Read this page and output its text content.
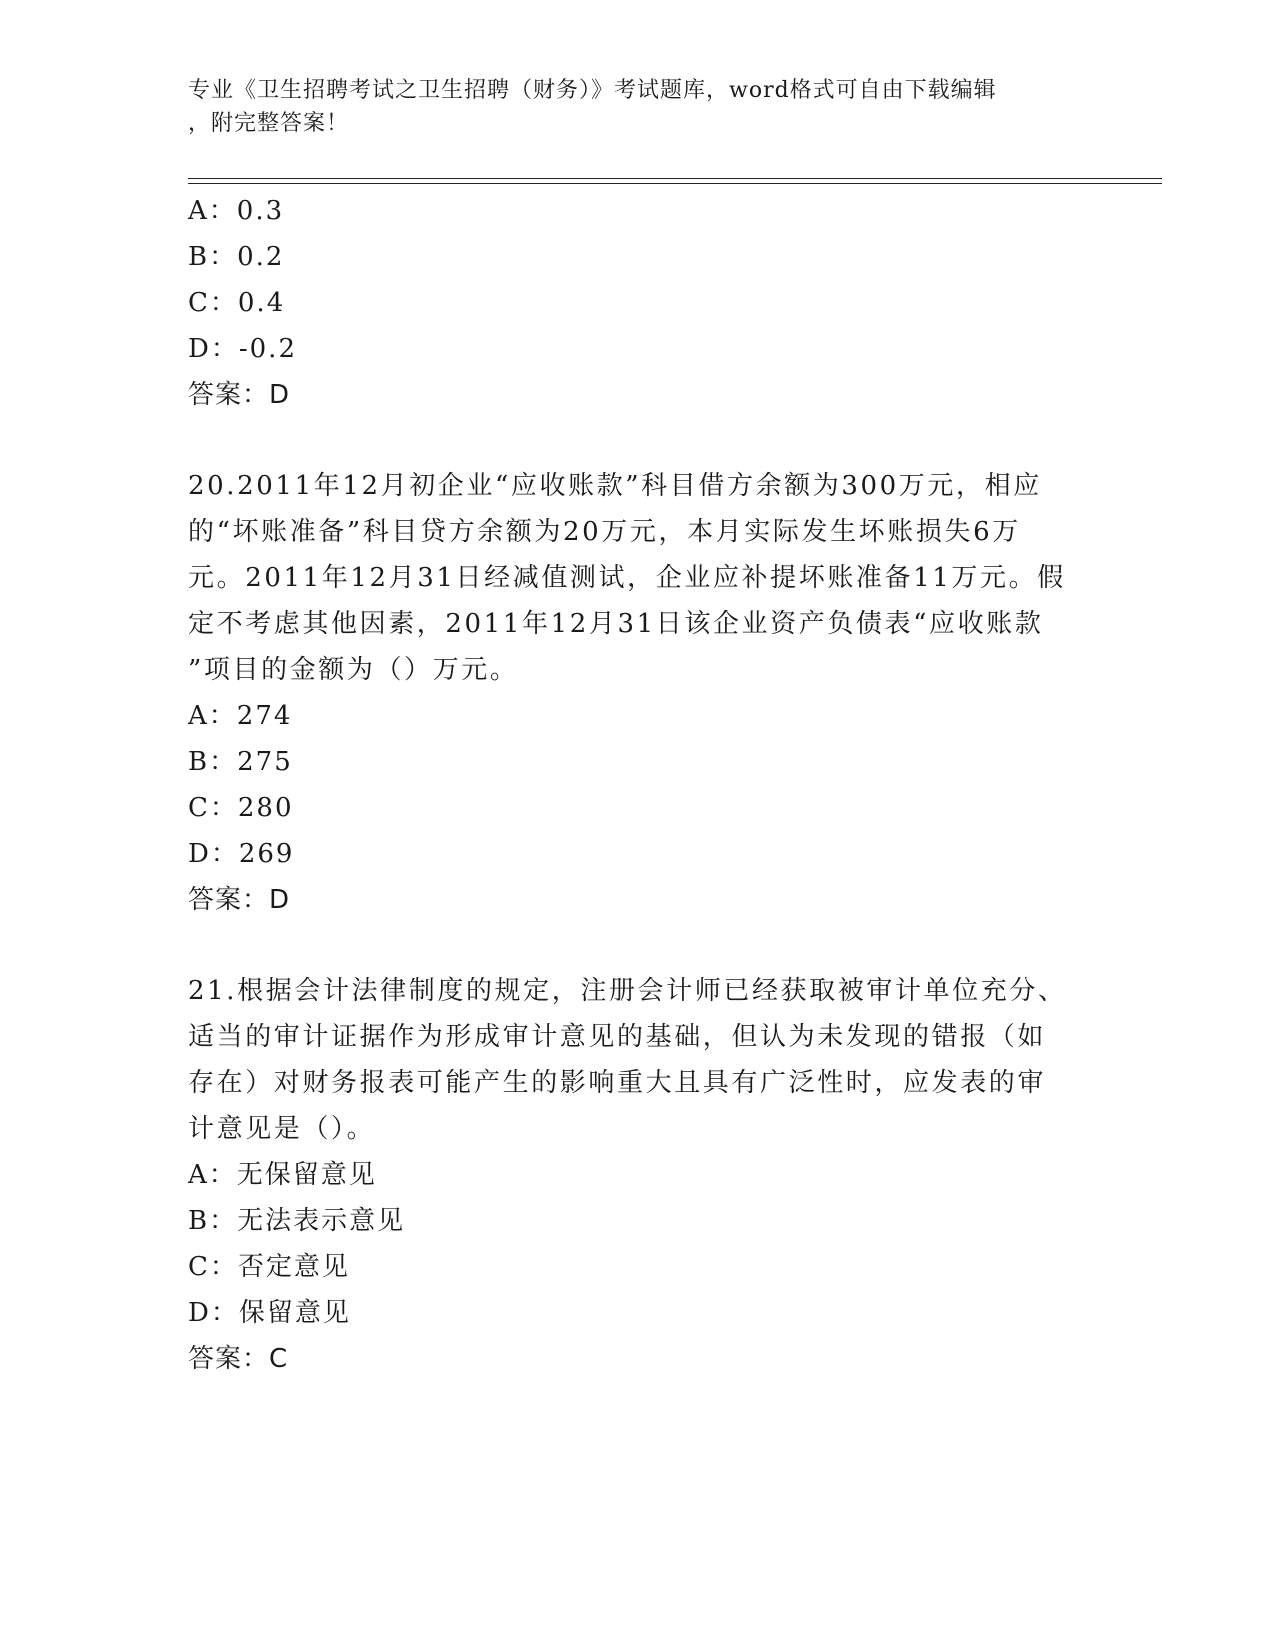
专业《卫生招聘考试之卫生招聘（财务）》考试题库，word格式可自由下载编辑
，附完整答案！
A：0.3
B：0.2
C：0.4
D：-0.2
答案：D
20.2011年12月初企业“应收账款”科目借方余额为300万元，相应
的“坏账准备”科目贷方余额为20万元，本月实际发生坏账损失6万
元。2011年12月31日经减值测试，企业应补提坏账准备11万元。假
定不考虑其他因素，2011年12月31日该企业资产负债表“应收账款
”项目的金额为（）万元。
A：274
B：275
C：280
D：269
答案：D
21.根据会计法律制度的规定，注册会计师已经获取被审计单位充分、
适当的审计证据作为形成审计意见的基础，但认为未发现的错报（如
存在）对财务报表可能产生的影响重大且具有广泛性时，应发表的审
计意见是（）。
A：无保留意见
B：无法表示意见
C：否定意见
D：保留意见
答案：C
